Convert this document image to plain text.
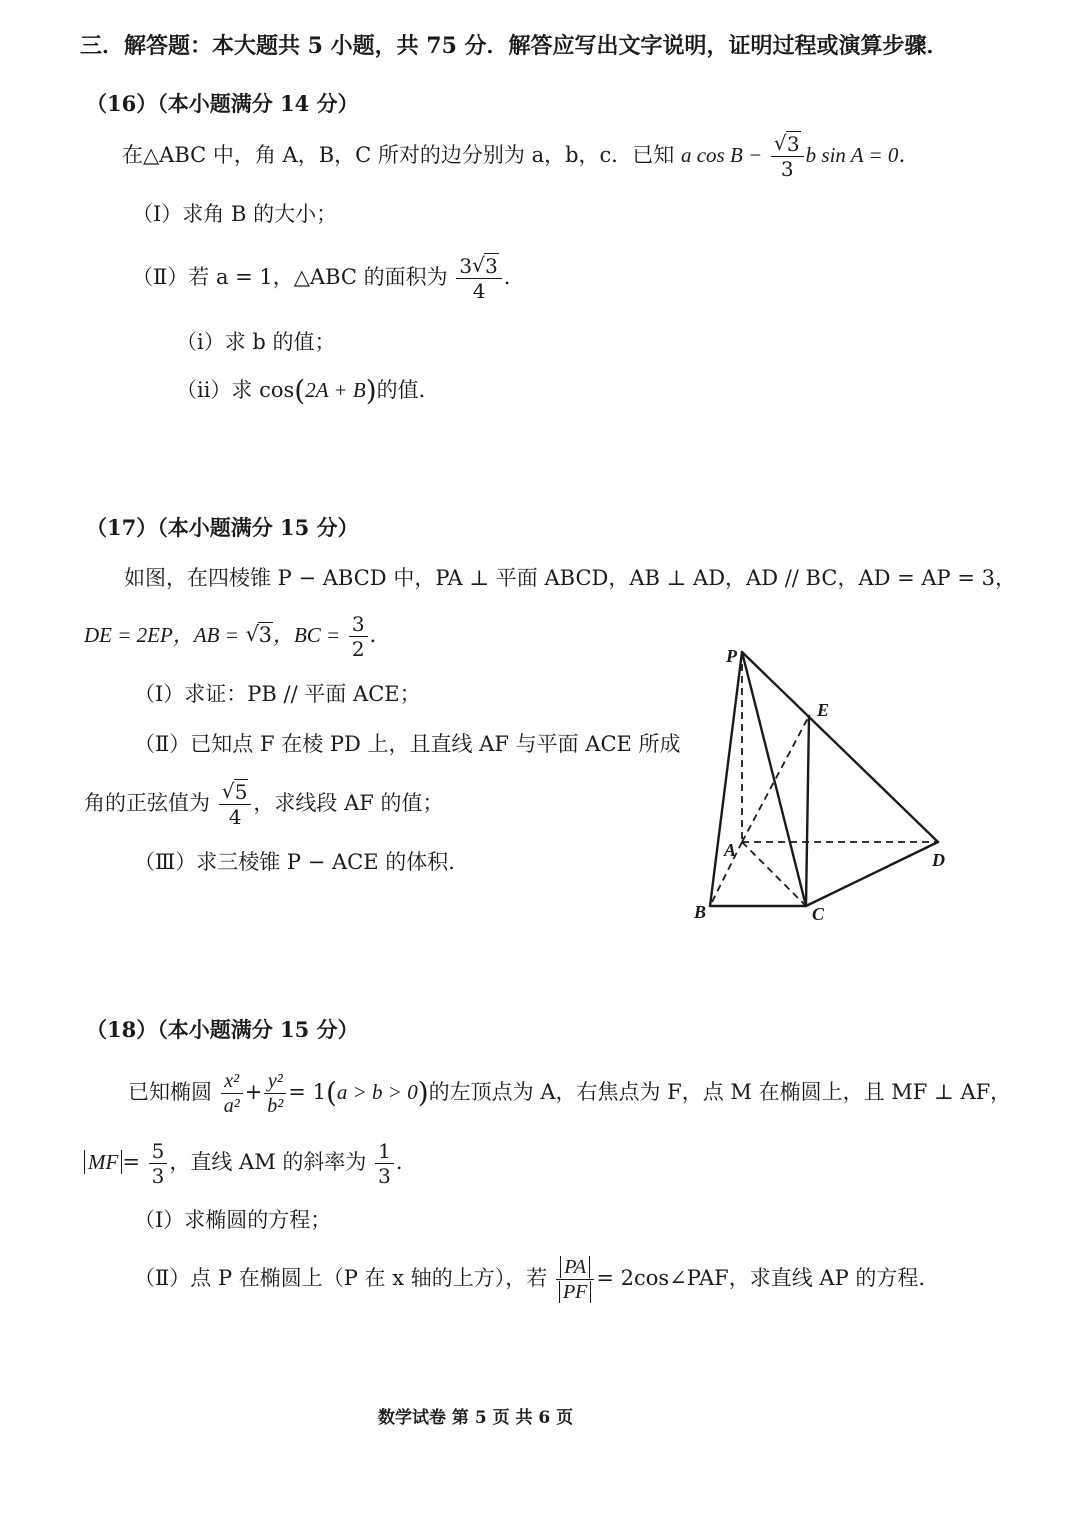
三．解答题：本大题共 5 小题，共 75 分．解答应写出文字说明，证明过程或演算步骤．
（16）（本小题满分 14 分）
在△ABC 中，角 A，B，C 所对的边分别为 a，b，c．已知 a cos B − √ $\frac{3}{3}$ b sin A = 0．
（Ⅰ）求角 B 的大小；
（Ⅱ）若 a = 1，△ABC 的面积为 $\frac{3 √ 3}{4}$ ．
（ⅰ）求 b 的值；
（ⅱ）求 cos(2A + B)的值．
（17）（本小题满分 15 分）
如图，在四棱锥 P − ABCD 中，PA ⊥ 平面 ABCD，AB ⊥ AD，AD // BC，AD = AP = 3，
DE = 2EP，AB = √ 3，BC = $\frac{3}{2}$ ．
（Ⅰ）求证：PB // 平面 ACE；
（Ⅱ）已知点 F 在棱 PD 上，且直线 AF 与平面 ACE 所成
角的正弦值为 √ $\frac{5}{4}$ ，求线段 AF 的值；
（Ⅲ）求三棱锥 P − ACE 的体积．
P
E
A	D
B	C
（18）（本小题满分 15 分）
已知椭圆 $\frac{\text{x²}}{\text{a²}} + \frac{\text{y²}}{\text{b²}} = 1(a > b > 0)$的左顶点为 A，右焦点为 F，点 M 在椭圆上，且 MF ⊥ AF，
MF = $\frac{5}{3}$ ，直线 AM 的斜率为 $\frac{1}{3}$ ．
（Ⅰ）求椭圆的方程；
（Ⅱ）点 P 在椭圆上（P 在 x 轴的上方），若 $\frac{PA}{PF}$ = 2cos∠PAF，求直线 AP 的方程．
数学试卷 第 5 页 共 6 页
